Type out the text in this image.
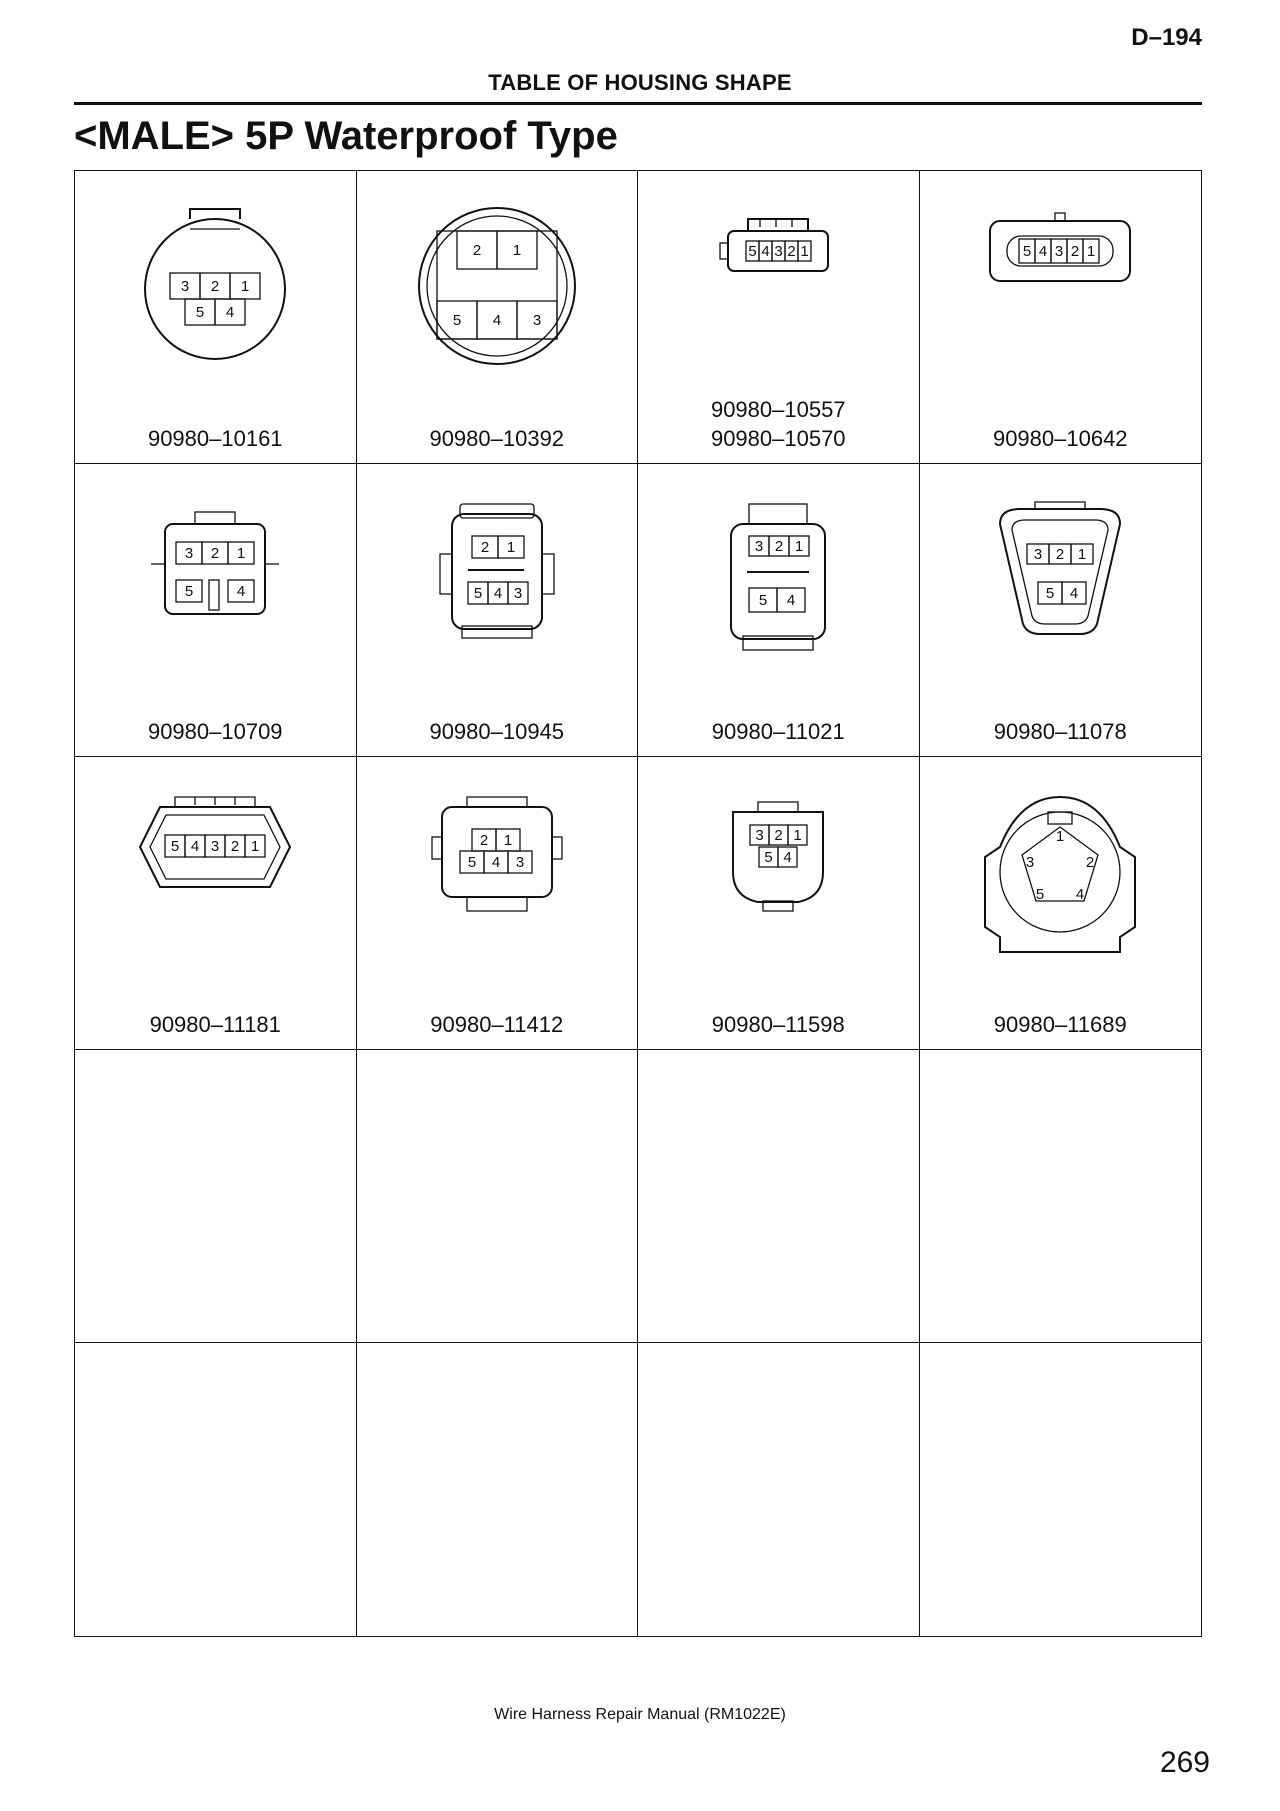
D–194
TABLE OF HOUSING SHAPE
<MALE> 5P Waterproof Type
3 2 1
5 4
90980–10161
2 1
5 4 3
90980–10392
5 4 3 2 1
90980–10557
90980–10570
5 4 3 2 1
90980–10642
3 2 1
5	4
90980–10709
2 1
5 4 3
90980–10945
3 2 1
5 4
90980–11021
3 2 1
5 4
90980–11078
5 4 3 2 1
90980–11181
2 1
5 4 3
90980–11412
3 2 1
5 4
90980–11598
1
2
3
4
5
90980–11689
Wire Harness Repair Manual (RM1022E)
269
